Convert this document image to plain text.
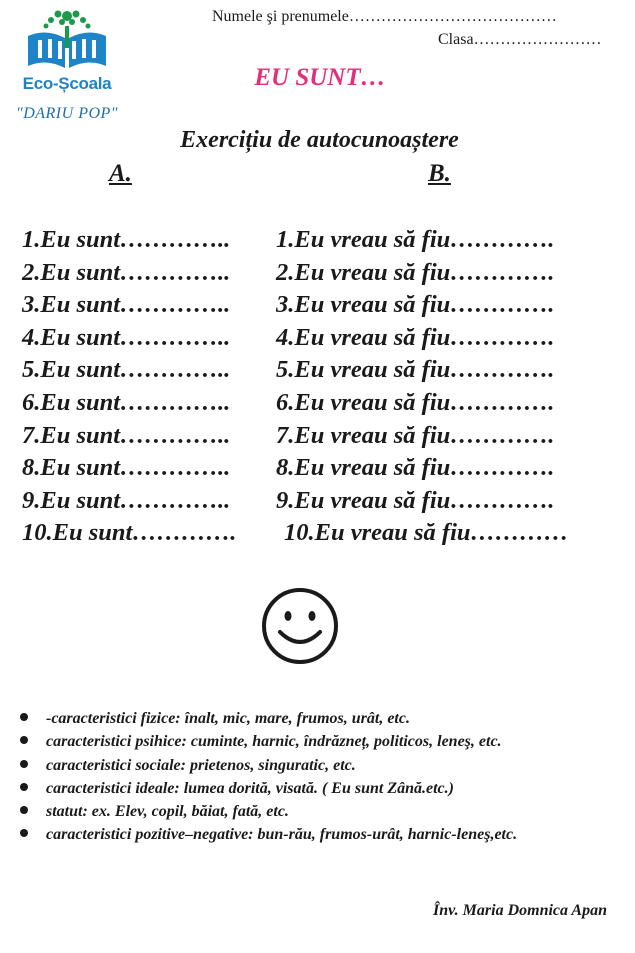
Eco-Școala
"DARIU POP"
Numele şi prenumele…………………………………
Clasa……………………
EU SUNT…
Exercițiu de autocunoaștere
A.	B.
1.Eu sunt………….. 1.Eu vreau să fiu………….
2.Eu sunt………….. 2.Eu vreau să fiu………….
3.Eu sunt………….. 3.Eu vreau să fiu………….
4.Eu sunt………….. 4.Eu vreau să fiu………….
5.Eu sunt………….. 5.Eu vreau să fiu………….
6.Eu sunt………….. 6.Eu vreau să fiu………….
7.Eu sunt………….. 7.Eu vreau să fiu………….
8.Eu sunt………….. 8.Eu vreau să fiu………….
9.Eu sunt………….. 9.Eu vreau să fiu………….
10.Eu sunt…………. 10.Eu vreau să fiu…………
-caracteristici fizice: înalt, mic, mare, frumos, urât, etc.
caracteristici psihice: cuminte, harnic, îndrăzneț, politicos, leneş, etc.
caracteristici sociale: prietenos, singuratic, etc.
caracteristici ideale: lumea dorită, visată. ( Eu sunt Zână.etc.)
statut: ex. Elev, copil, băiat, fată, etc.
caracteristici pozitive–negative: bun-rău, frumos-urât, harnic-leneş,etc.
Înv. Maria Domnica Apan
